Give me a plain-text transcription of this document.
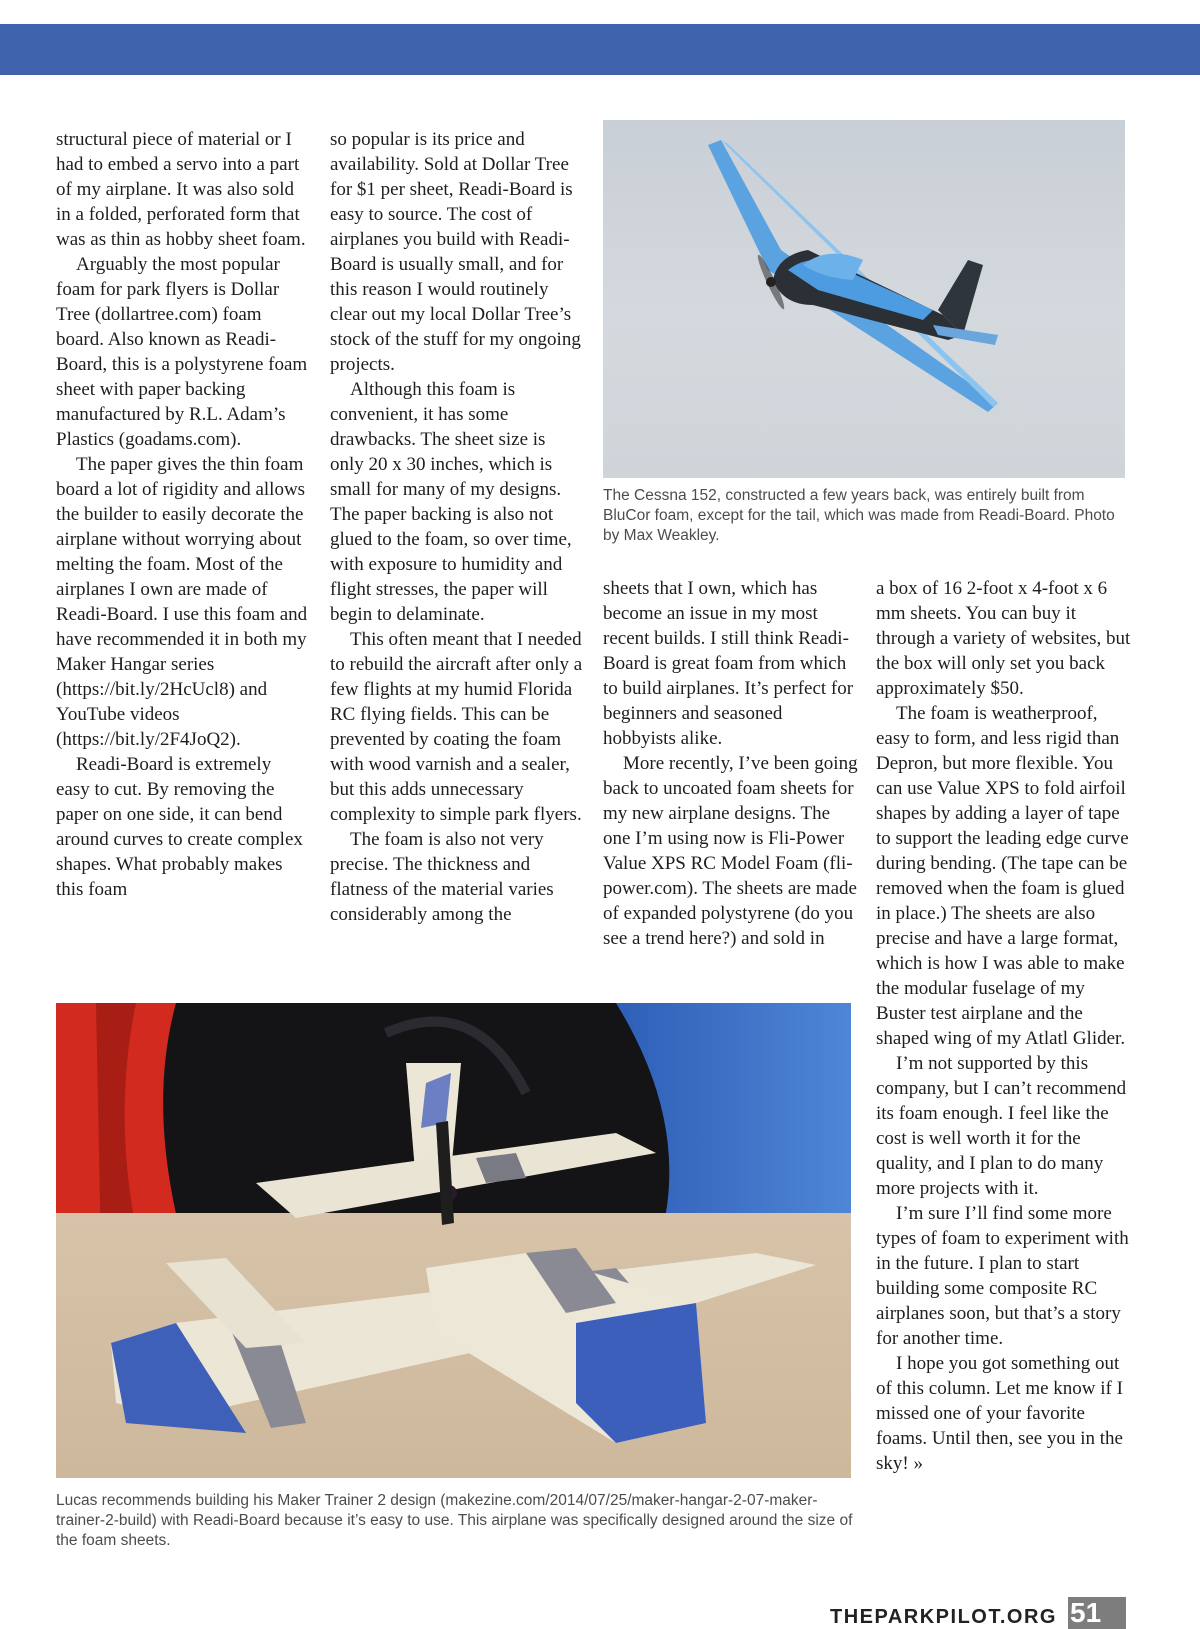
structural piece of material or I had to embed a servo into a part of my airplane. It was also sold in a folded, perforated form that was as thin as hobby sheet foam.

Arguably the most popular foam for park flyers is Dollar Tree (dollartree.com) foam board. Also known as Readi-Board, this is a polystyrene foam sheet with paper backing manufactured by R.L. Adam’s Plastics (goadams.com).

The paper gives the thin foam board a lot of rigidity and allows the builder to easily decorate the airplane without worrying about melting the foam. Most of the airplanes I own are made of Readi-Board. I use this foam and have recommended it in both my Maker Hangar series (https://bit.ly/2HcUcl8) and YouTube videos (https://bit.ly/2F4JoQ2).

Readi-Board is extremely easy to cut. By removing the paper on one side, it can bend around curves to create complex shapes. What probably makes this foam

so popular is its price and availability. Sold at Dollar Tree for $1 per sheet, Readi-Board is easy to source. The cost of airplanes you build with Readi-Board is usually small, and for this reason I would routinely clear out my local Dollar Tree’s stock of the stuff for my ongoing projects.

Although this foam is convenient, it has some drawbacks. The sheet size is only 20 x 30 inches, which is small for many of my designs. The paper backing is also not glued to the foam, so over time, with exposure to humidity and flight stresses, the paper will begin to delaminate.

This often meant that I needed to rebuild the aircraft after only a few flights at my humid Florida RC flying fields. This can be prevented by coating the foam with wood varnish and a sealer, but this adds unnecessary complexity to simple park flyers.

The foam is also not very precise. The thickness and flatness of the material varies considerably among the

The Cessna 152, constructed a few years back, was entirely built from BluCor foam, except for the tail, which was made from Readi-Board. Photo by Max Weakley.

sheets that I own, which has become an issue in my most recent builds. I still think Readi-Board is great foam from which to build airplanes. It’s perfect for beginners and seasoned hobbyists alike.

More recently, I’ve been going back to uncoated foam sheets for my new airplane designs. The one I’m using now is Fli-Power Value XPS RC Model Foam (fli-power.com). The sheets are made of expanded polystyrene (do you see a trend here?) and sold in

a box of 16 2-foot x 4-foot x 6 mm sheets. You can buy it through a variety of websites, but the box will only set you back approximately $50.

The foam is weatherproof, easy to form, and less rigid than Depron, but more flexible. You can use Value XPS to fold airfoil shapes by adding a layer of tape to support the leading edge curve during bending. (The tape can be removed when the foam is glued in place.) The sheets are also precise and have a large format, which is how I was able to make the modular fuselage of my Buster test airplane and the shaped wing of my Atlatl Glider.

I’m not supported by this company, but I can’t recommend its foam enough. I feel like the cost is well worth it for the quality, and I plan to do many more projects with it.

I’m sure I’ll find some more types of foam to experiment with in the future. I plan to start building some composite RC airplanes soon, but that’s a story for another time.

I hope you got something out of this column. Let me know if I missed one of your favorite foams. Until then, see you in the sky! »

Lucas recommends building his Maker Trainer 2 design (makezine.com/2014/07/25/maker-hangar-2-07-maker-trainer-2-build) with Readi-Board because it’s easy to use. This airplane was specifically designed around the size of the foam sheets.
THEPARKPILOT.ORG 51
